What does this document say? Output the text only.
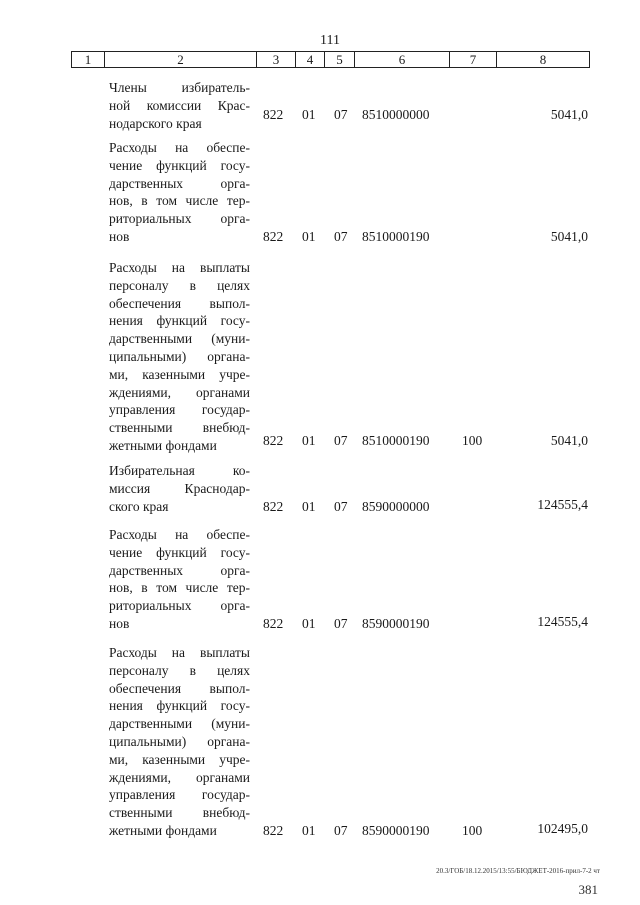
111
1	2	3	4	5	6	7	8
Члены избиратель-
ной комиссии Крас-
нодарского края
822 01 07 8510000000	5041,0
Расходы на обеспе-
чение функций госу-
дарственных орга-
нов, в том числе тер-
риториальных орга-
нов	822 01 07 8510000190	5041,0
Расходы на выплаты
персоналу в целях
обеспечения выпол-
нения функций госу-
дарственными (муни-
ципальными) органа-
ми, казенными учре-
ждениями, органами
управления государ-
ственными внебюд-
жетными фондами	822 01 07 8510000190 100	5041,0
Избирательная ко-
миссия Краснодар-
ского края	822 01 07 8590000000	124555,4
Расходы на обеспе-
чение функций госу-
дарственных орга-
нов, в том числе тер-
риториальных орга-
нов	822 01 07 8590000190	124555,4
Расходы на выплаты
персоналу в целях
обеспечения выпол-
нения функций госу-
дарственными (муни-
ципальными) органа-
ми, казенными учре-
ждениями, органами
управления государ-
ственными внебюд-
жетными фондами	822 01 07 8590000190 100	102495,0
20.3/ГОБ/18.12.2015/13:55/БЮДЖЕТ-2016-прил-7-2 чт
381
